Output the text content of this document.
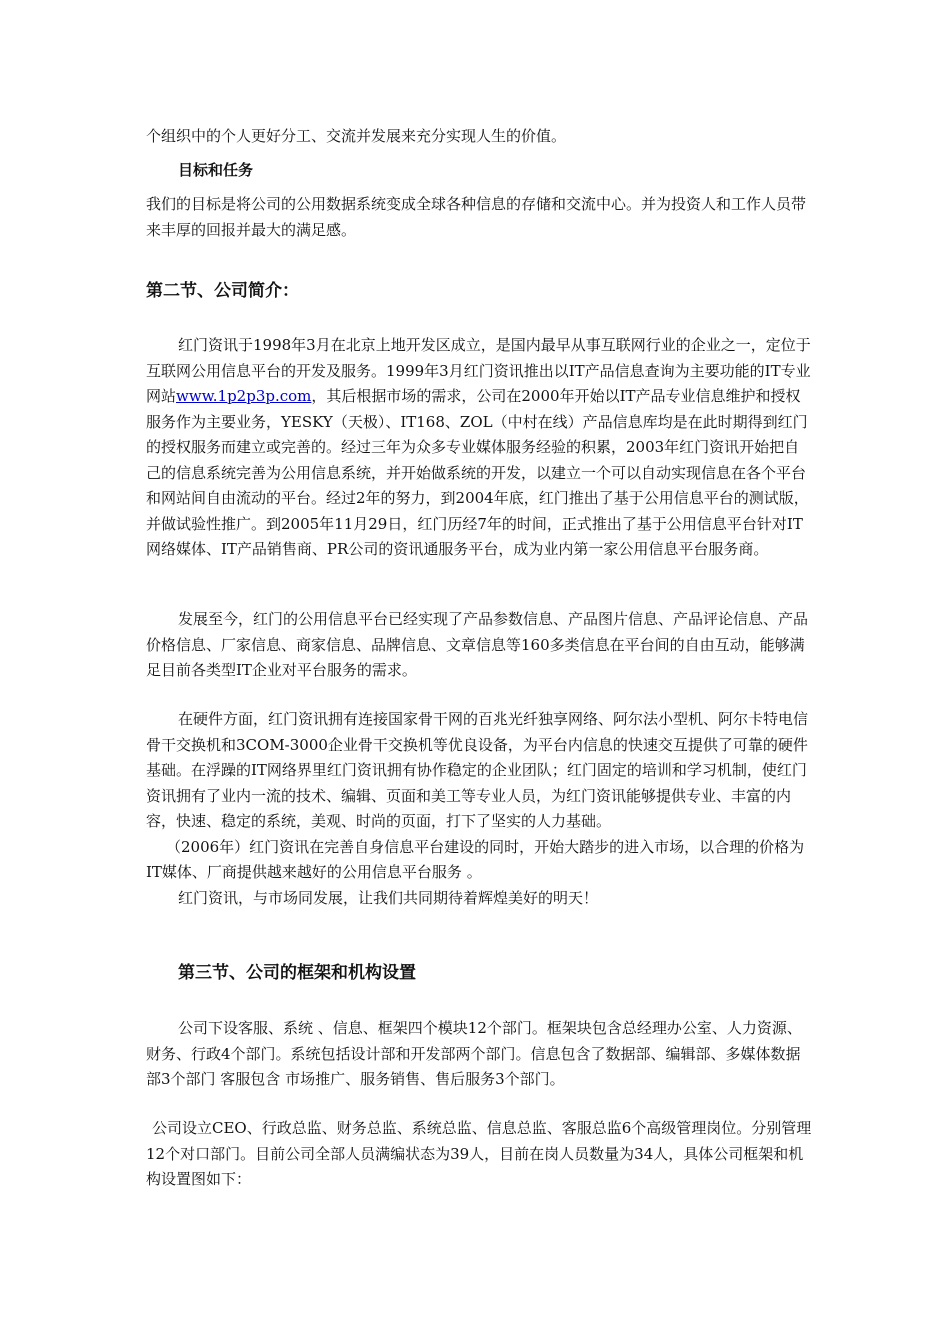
个组织中的个人更好分工、交流并发展来充分实现人生的价值。

目标和任务

我们的目标是将公司的公用数据系统变成全球各种信息的存储和交流中心。并为投资人和工作人员带来丰厚的回报并最大的满足感。

第二节、公司简介：

红门资讯于1998年3月在北京上地开发区成立，是国内最早从事互联网行业的企业之一，定位于互联网公用信息平台的开发及服务。1999年3月红门资讯推出以IT产品信息查询为主要功能的IT专业网站www.1p2p3p.com，其后根据市场的需求，公司在2000年开始以IT产品专业信息维护和授权服务作为主要业务，YESKY（天极）、IT168、ZOL（中村在线）产品信息库均是在此时期得到红门的授权服务而建立或完善的。经过三年为众多专业媒体服务经验的积累，2003年红门资讯开始把自己的信息系统完善为公用信息系统，并开始做系统的开发，以建立一个可以自动实现信息在各个平台和网站间自由流动的平台。经过2年的努力，到2004年底，红门推出了基于公用信息平台的测试版，并做试验性推广。到2005年11月29日，红门历经7年的时间，正式推出了基于公用信息平台针对IT网络媒体、IT产品销售商、PR公司的资讯通服务平台，成为业内第一家公用信息平台服务商。

发展至今，红门的公用信息平台已经实现了产品参数信息、产品图片信息、产品评论信息、产品价格信息、厂家信息、商家信息、品牌信息、文章信息等160多类信息在平台间的自由互动，能够满足目前各类型IT企业对平台服务的需求。

在硬件方面，红门资讯拥有连接国家骨干网的百兆光纤独享网络、阿尔法小型机、阿尔卡特电信骨干交换机和3COM-3000企业骨干交换机等优良设备，为平台内信息的快速交互提供了可靠的硬件基础。在浮躁的IT网络界里红门资讯拥有协作稳定的企业团队；红门固定的培训和学习机制，使红门资讯拥有了业内一流的技术、编辑、页面和美工等专业人员，为红门资讯能够提供专业、丰富的内容，快速、稳定的系统，美观、时尚的页面，打下了坚实的人力基础。

（2006年）红门资讯在完善自身信息平台建设的同时，开始大踏步的进入市场，以合理的价格为IT媒体、厂商提供越来越好的公用信息平台服务 。

红门资讯，与市场同发展，让我们共同期待着辉煌美好的明天！

第三节、公司的框架和机构设置

公司下设客服、系统 、信息、框架四个模块12个部门。框架块包含总经理办公室、人力资源、财务、行政4个部门。系统包括设计部和开发部两个部门。信息包含了数据部、编辑部、多媒体数据部3个部门 客服包含 市场推广、服务销售、售后服务3个部门。

公司设立CEO、行政总监、财务总监、系统总监、信息总监、客服总监6个高级管理岗位。分别管理12个对口部门。目前公司全部人员满编状态为39人，目前在岗人员数量为34人，具体公司框架和机构设置图如下：
